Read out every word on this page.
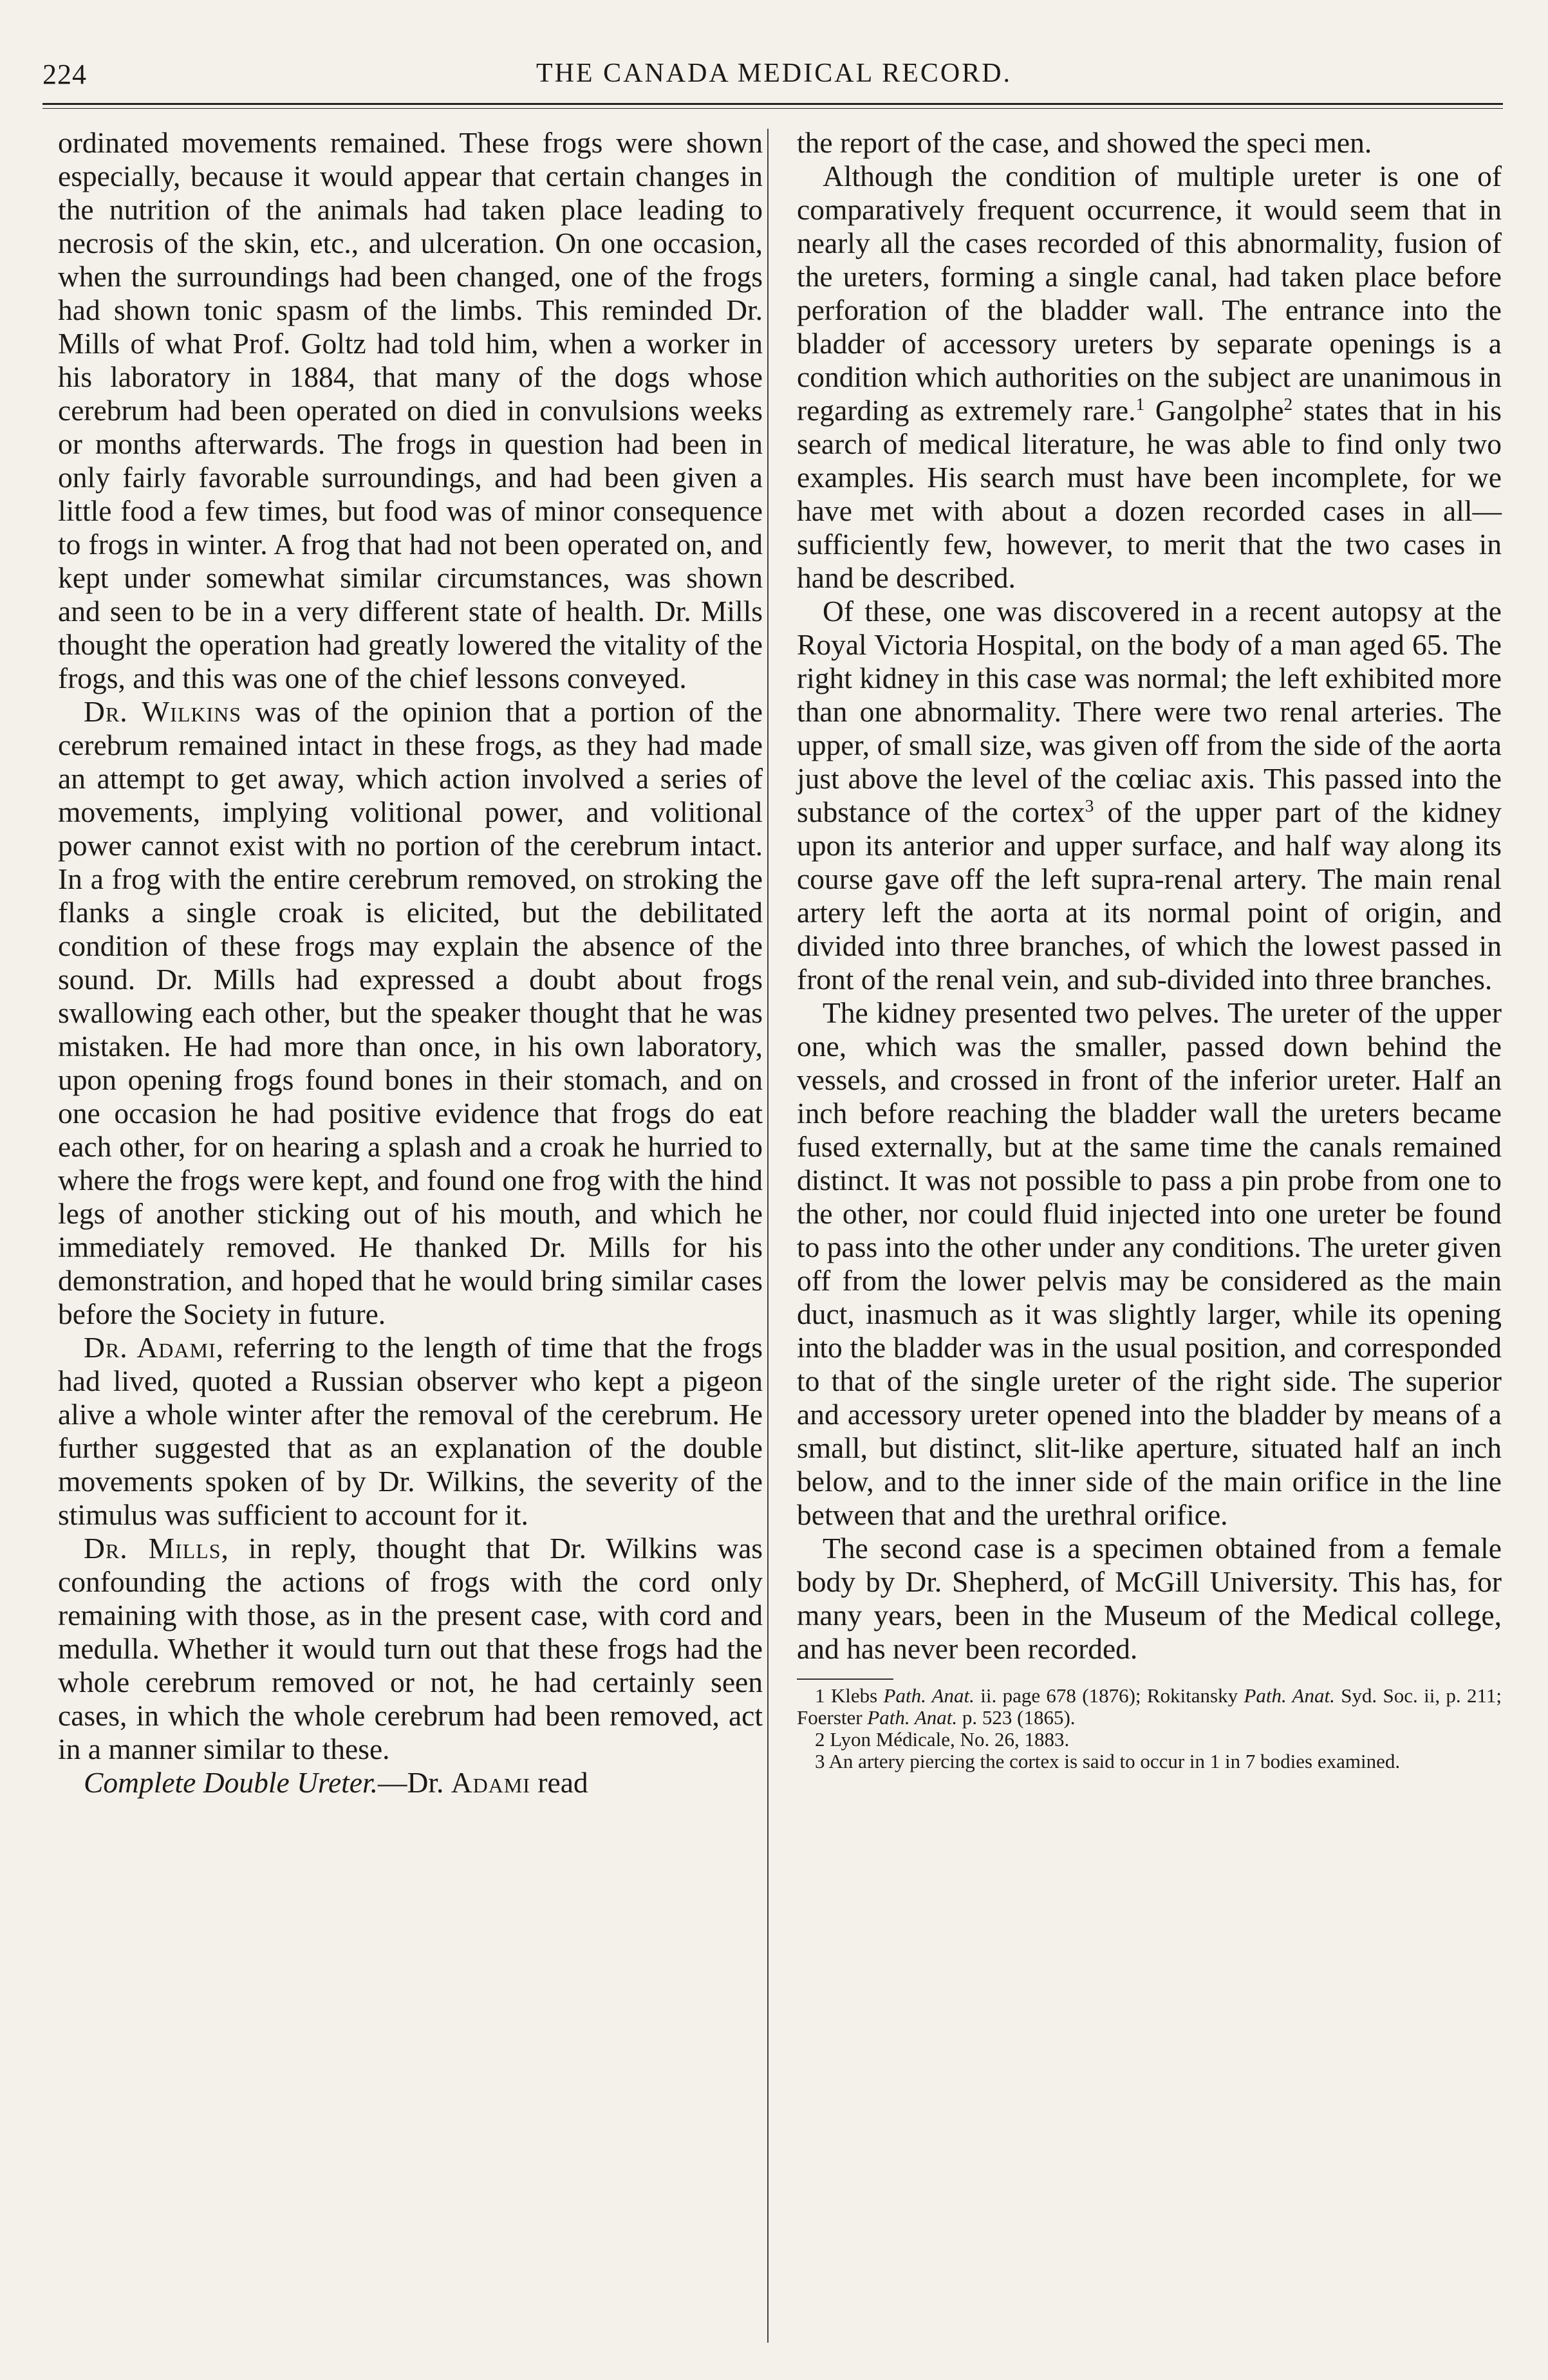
224	THE CANADA MEDICAL RECORD.

ordinated movements remained. These frogs were shown especially, because it would appear that certain changes in the nutrition of the animals had taken place leading to necrosis of the skin, etc., and ulceration. On one occasion, when the surroundings had been changed, one of the frogs had shown tonic spasm of the limbs. This reminded Dr. Mills of what Prof. Goltz had told him, when a worker in his laboratory in 1884, that many of the dogs whose cerebrum had been operated on died in convulsions weeks or months afterwards. The frogs in question had been in only fairly favorable surroundings, and had been given a little food a few times, but food was of minor consequence to frogs in winter. A frog that had not been operated on, and kept under somewhat similar circumstances, was shown and seen to be in a very different state of health. Dr. Mills thought the operation had greatly lowered the vitality of the frogs, and this was one of the chief lessons conveyed.

Dr. Wilkins was of the opinion that a portion of the cerebrum remained intact in these frogs, as they had made an attempt to get away, which action involved a series of movements, implying volitional power, and volitional power cannot exist with no portion of the cerebrum intact. In a frog with the entire cerebrum removed, on stroking the flanks a single croak is elicited, but the debilitated condition of these frogs may explain the absence of the sound. Dr. Mills had expressed a doubt about frogs swallowing each other, but the speaker thought that he was mistaken. He had more than once, in his own laboratory, upon opening frogs found bones in their stomach, and on one occasion he had positive evidence that frogs do eat each other, for on hearing a splash and a croak he hurried to where the frogs were kept, and found one frog with the hind legs of another sticking out of his mouth, and which he immediately removed. He thanked Dr. Mills for his demonstration, and hoped that he would bring similar cases before the Society in future.

Dr. Adami, referring to the length of time that the frogs had lived, quoted a Russian observer who kept a pigeon alive a whole winter after the removal of the cerebrum. He further suggested that as an explanation of the double movements spoken of by Dr. Wilkins, the severity of the stimulus was sufficient to account for it.

Dr. Mills, in reply, thought that Dr. Wilkins was confounding the actions of frogs with the cord only remaining with those, as in the present case, with cord and medulla. Whether it would turn out that these frogs had the whole cerebrum removed or not, he had certainly seen cases, in which the whole cerebrum had been removed, act in a manner similar to these.

Complete Double Ureter.—Dr. Adami read

the report of the case, and showed the speci men.

Although the condition of multiple ureter is one of comparatively frequent occurrence, it would seem that in nearly all the cases recorded of this abnormality, fusion of the ureters, forming a single canal, had taken place before perforation of the bladder wall. The entrance into the bladder of accessory ureters by separate openings is a condition which authorities on the subject are unanimous in regarding as extremely rare.$^1$ Gangolphe$^2$ states that in his search of medical literature, he was able to find only two examples. His search must have been incomplete, for we have met with about a dozen recorded cases in all—sufficiently few, however, to merit that the two cases in hand be described.

Of these, one was discovered in a recent autopsy at the Royal Victoria Hospital, on the body of a man aged 65. The right kidney in this case was normal; the left exhibited more than one abnormality. There were two renal arteries. The upper, of small size, was given off from the side of the aorta just above the level of the cœliac axis. This passed into the substance of the cortex$^3$ of the upper part of the kidney upon its anterior and upper surface, and half way along its course gave off the left supra-renal artery. The main renal artery left the aorta at its normal point of origin, and divided into three branches, of which the lowest passed in front of the renal vein, and sub-divided into three branches.

The kidney presented two pelves. The ureter of the upper one, which was the smaller, passed down behind the vessels, and crossed in front of the inferior ureter. Half an inch before reaching the bladder wall the ureters became fused externally, but at the same time the canals remained distinct. It was not possible to pass a pin probe from one to the other, nor could fluid injected into one ureter be found to pass into the other under any conditions. The ureter given off from the lower pelvis may be considered as the main duct, inasmuch as it was slightly larger, while its opening into the bladder was in the usual position, and corresponded to that of the single ureter of the right side. The superior and accessory ureter opened into the bladder by means of a small, but distinct, slit-like aperture, situated half an inch below, and to the inner side of the main orifice in the line between that and the urethral orifice.

The second case is a specimen obtained from a female body by Dr. Shepherd, of McGill University. This has, for many years, been in the Museum of the Medical college, and has never been recorded.

1 Klebs Path. Anat. ii. page 678 (1876); Rokitansky Path. Anat. Syd. Soc. ii, p. 211; Foerster Path. Anat. p. 523 (1865).

2 Lyon Médicale, No. 26, 1883.

3 An artery piercing the cortex is said to occur in 1 in 7 bodies examined.
